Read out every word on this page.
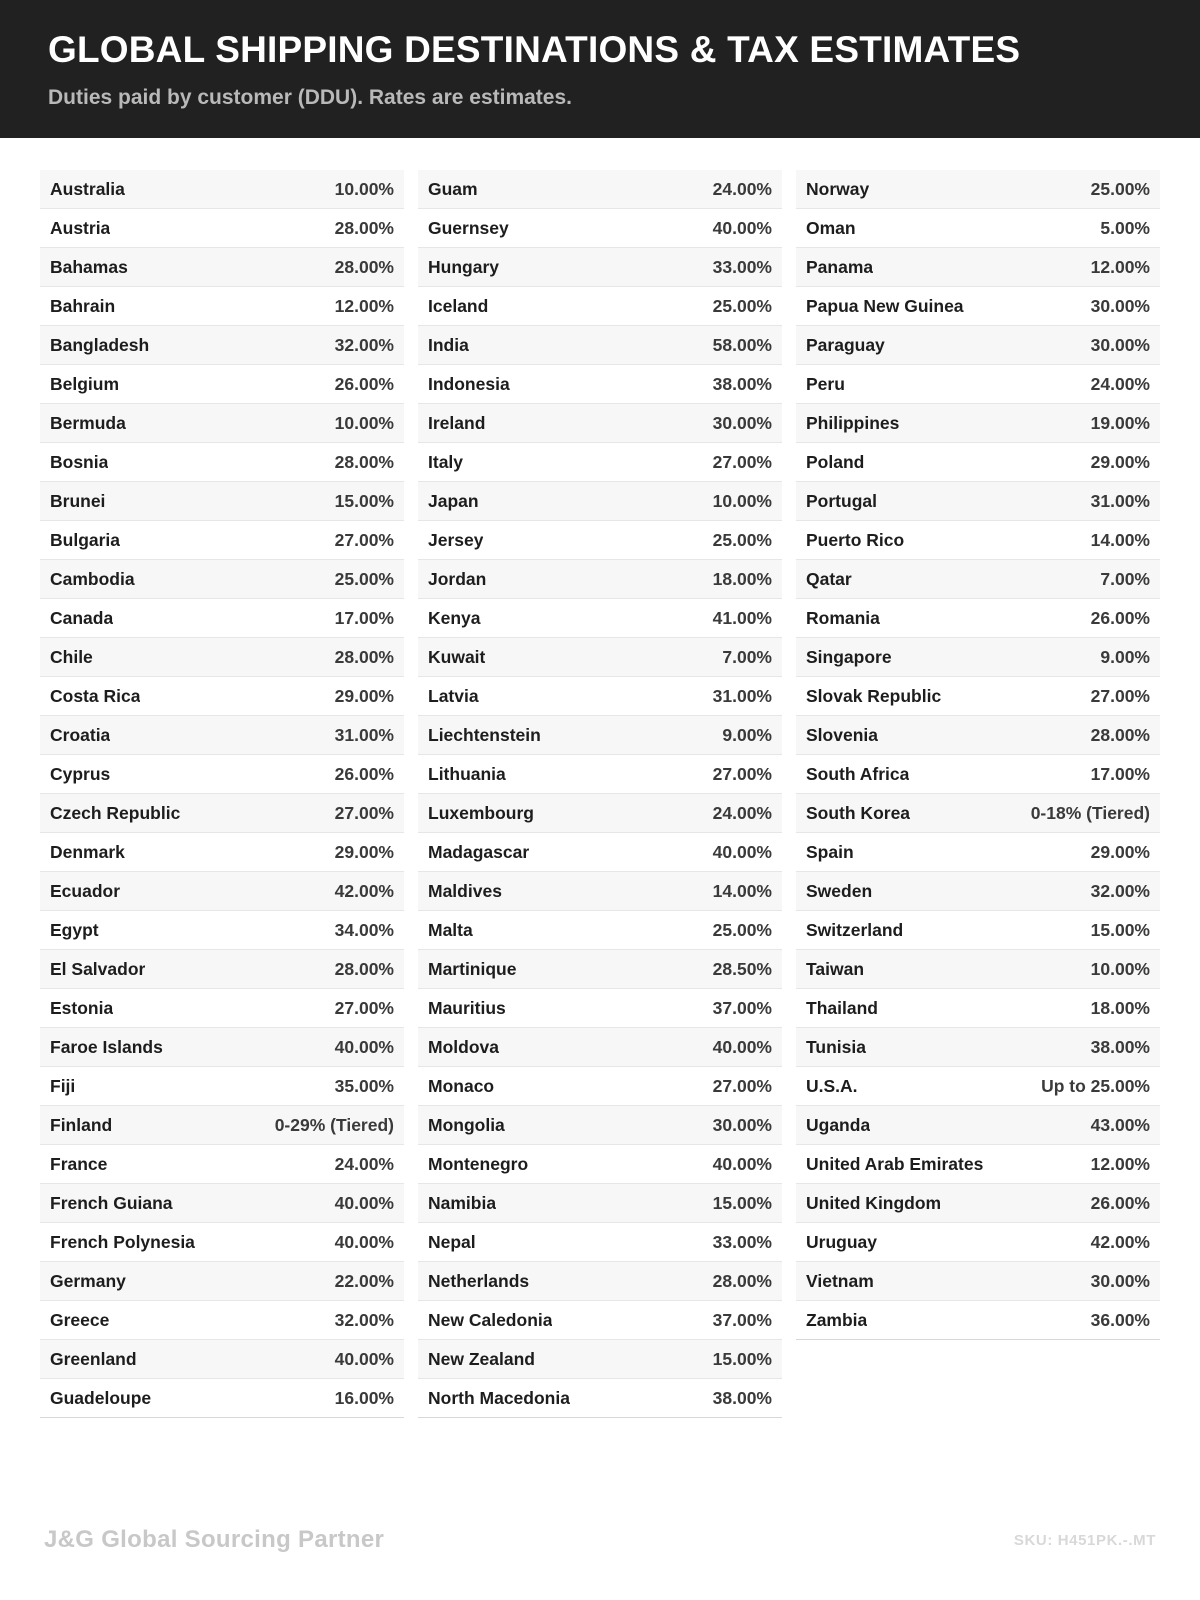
GLOBAL SHIPPING DESTINATIONS & TAX ESTIMATES

Duties paid by customer (DDU). Rates are estimates.

Australia	10.00%
Austria	28.00%
Bahamas	28.00%
Bahrain	12.00%
Bangladesh	32.00%
Belgium	26.00%
Bermuda	10.00%
Bosnia	28.00%
Brunei	15.00%
Bulgaria	27.00%
Cambodia	25.00%
Canada	17.00%
Chile	28.00%
Costa Rica	29.00%
Croatia	31.00%
Cyprus	26.00%
Czech Republic	27.00%
Denmark	29.00%
Ecuador	42.00%
Egypt	34.00%
El Salvador	28.00%
Estonia	27.00%
Faroe Islands	40.00%
Fiji	35.00%
Finland	0-29% (Tiered)
France	24.00%
French Guiana	40.00%
French Polynesia	40.00%
Germany	22.00%
Greece	32.00%
Greenland	40.00%
Guadeloupe	16.00%
Guam	24.00%
Guernsey	40.00%
Hungary	33.00%
Iceland	25.00%
India	58.00%
Indonesia	38.00%
Ireland	30.00%
Italy	27.00%
Japan	10.00%
Jersey	25.00%
Jordan	18.00%
Kenya	41.00%
Kuwait	7.00%
Latvia	31.00%
Liechtenstein	9.00%
Lithuania	27.00%
Luxembourg	24.00%
Madagascar	40.00%
Maldives	14.00%
Malta	25.00%
Martinique	28.50%
Mauritius	37.00%
Moldova	40.00%
Monaco	27.00%
Mongolia	30.00%
Montenegro	40.00%
Namibia	15.00%
Nepal	33.00%
Netherlands	28.00%
New Caledonia	37.00%
New Zealand	15.00%
North Macedonia	38.00%
Norway	25.00%
Oman	5.00%
Panama	12.00%
Papua New Guinea	30.00%
Paraguay	30.00%
Peru	24.00%
Philippines	19.00%
Poland	29.00%
Portugal	31.00%
Puerto Rico	14.00%
Qatar	7.00%
Romania	26.00%
Singapore	9.00%
Slovak Republic	27.00%
Slovenia	28.00%
South Africa	17.00%
South Korea	0-18% (Tiered)
Spain	29.00%
Sweden	32.00%
Switzerland	15.00%
Taiwan	10.00%
Thailand	18.00%
Tunisia	38.00%
U.S.A.	Up to 25.00%
Uganda	43.00%
United Arab Emirates	12.00%
United Kingdom	26.00%
Uruguay	42.00%
Vietnam	30.00%
Zambia	36.00%
J&G Global Sourcing Partner	SKU: H451PK.-.MT
